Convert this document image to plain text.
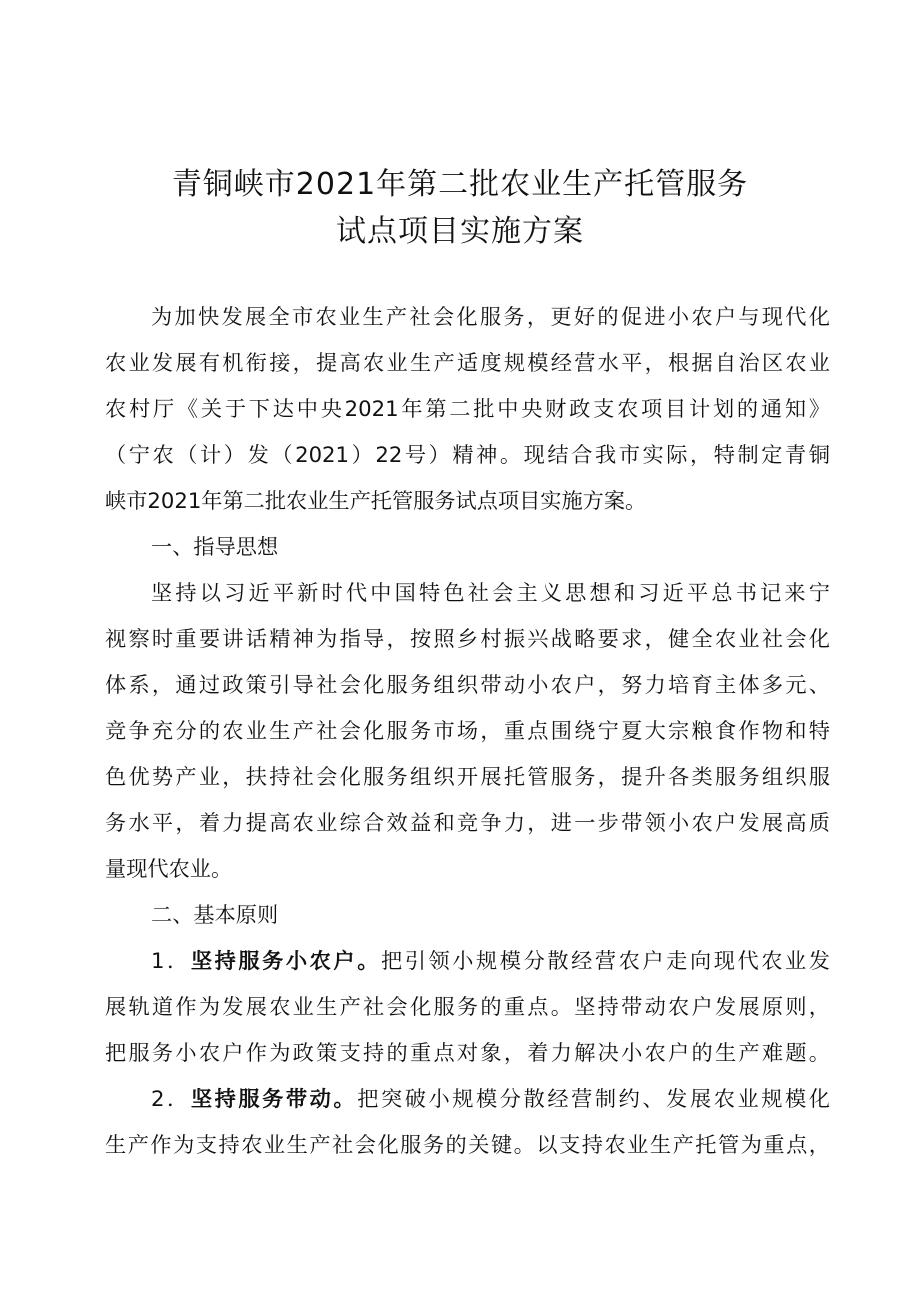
青铜峡市2021年第二批农业生产托管服务
试点项目实施方案
为加快发展全市农业生产社会化服务，更好的促进小农户与现代化
农业发展有机衔接，提高农业生产适度规模经营水平，根据自治区农业
农村厅《关于下达中央2021年第二批中央财政支农项目计划的通知》
（宁农（计）发（2021）22号）精神。现结合我市实际，特制定青铜
峡市2021年第二批农业生产托管服务试点项目实施方案。
一、指导思想
坚持以习近平新时代中国特色社会主义思想和习近平总书记来宁
视察时重要讲话精神为指导，按照乡村振兴战略要求，健全农业社会化
体系，通过政策引导社会化服务组织带动小农户，努力培育主体多元、
竞争充分的农业生产社会化服务市场，重点围绕宁夏大宗粮食作物和特
色优势产业，扶持社会化服务组织开展托管服务，提升各类服务组织服
务水平，着力提高农业综合效益和竞争力，进一步带领小农户发展高质
量现代农业。
二、基本原则
1．坚持服务小农户。把引领小规模分散经营农户走向现代农业发
展轨道作为发展农业生产社会化服务的重点。坚持带动农户发展原则，
把服务小农户作为政策支持的重点对象，着力解决小农户的生产难题。
2．坚持服务带动。把突破小规模分散经营制约、发展农业规模化
生产作为支持农业生产社会化服务的关键。以支持农业生产托管为重点，
